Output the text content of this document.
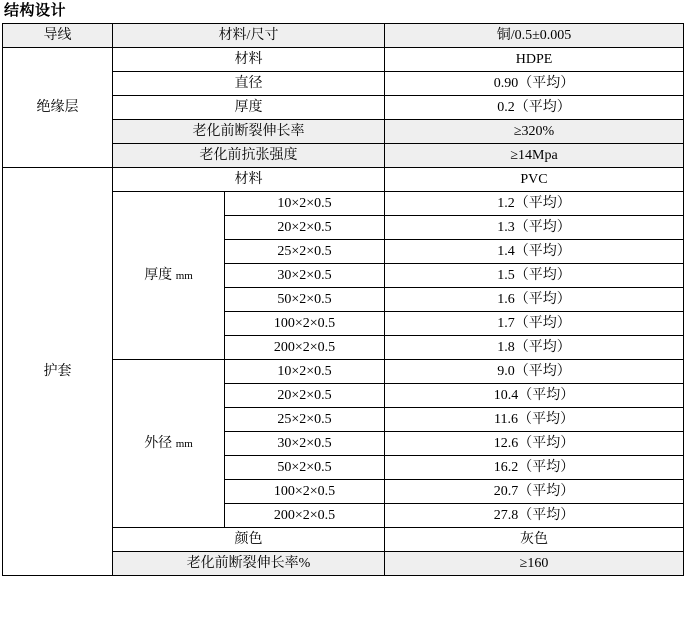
结构设计
导线	材料/尺寸		铜/0.5±0.005
绝缘层	材料		HDPE
	直径		0.90（平均）
	厚度		0.2（平均）
	老化前断裂伸长率		≥320%
	老化前抗张强度		≥14Mpa
护套	材料		PVC
	厚度 mm	10×2×0.5	1.2（平均）
		20×2×0.5	1.3（平均）
		25×2×0.5	1.4（平均）
		30×2×0.5	1.5（平均）
		50×2×0.5	1.6（平均）
		100×2×0.5	1.7（平均）
		200×2×0.5	1.8（平均）
	外径 mm	10×2×0.5	9.0（平均）
		20×2×0.5	10.4（平均）
		25×2×0.5	11.6（平均）
		30×2×0.5	12.6（平均）
		50×2×0.5	16.2（平均）
		100×2×0.5	20.7（平均）
		200×2×0.5	27.8（平均）
	颜色		灰色
	老化前断裂伸长率%		≥160
